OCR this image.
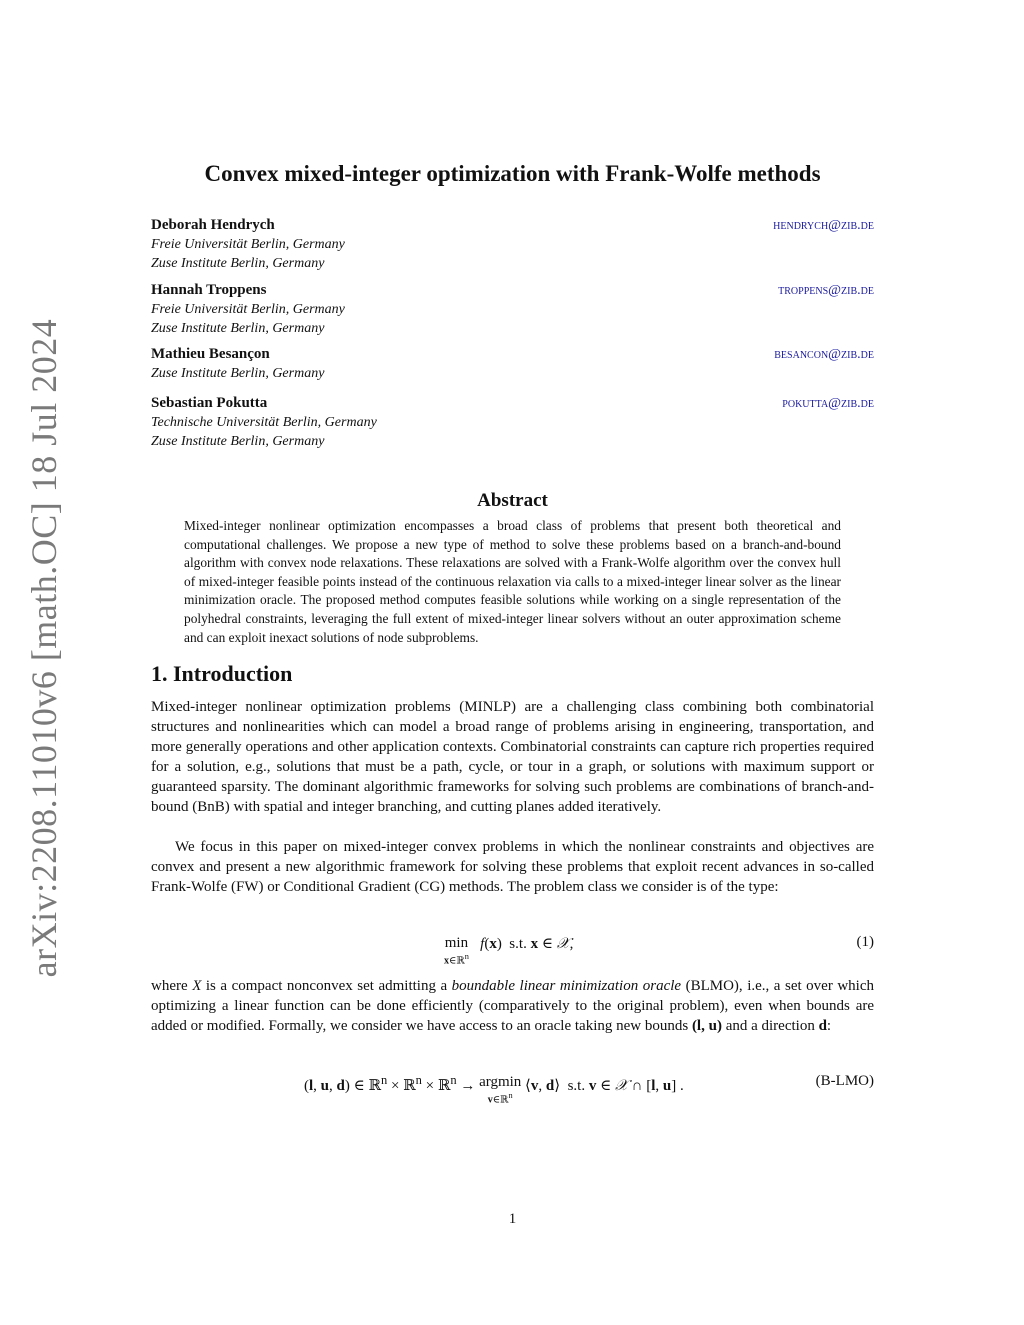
arXiv:2208.11010v6 [math.OC] 18 Jul 2024
Convex mixed-integer optimization with Frank-Wolfe methods
Deborah Hendrych	hendrych@zib.de
Freie Universität Berlin, Germany
Zuse Institute Berlin, Germany
Hannah Troppens	troppens@zib.de
Freie Universität Berlin, Germany
Zuse Institute Berlin, Germany
Mathieu Besançon	besancon@zib.de
Zuse Institute Berlin, Germany
Sebastian Pokutta	pokutta@zib.de
Technische Universität Berlin, Germany
Zuse Institute Berlin, Germany
Abstract

Mixed-integer nonlinear optimization encompasses a broad class of problems that present both theoretical and computational challenges. We propose a new type of method to solve these problems based on a branch-and-bound algorithm with convex node relaxations. These relaxations are solved with a Frank-Wolfe algorithm over the convex hull of mixed-integer feasible points instead of the continuous relaxation via calls to a mixed-integer linear solver as the linear minimization oracle. The proposed method computes feasible solutions while working on a single representation of the polyhedral constraints, leveraging the full extent of mixed-integer linear solvers without an outer approximation scheme and can exploit inexact solutions of node subproblems.

1. Introduction

Mixed-integer nonlinear optimization problems (MINLP) are a challenging class combining both combinatorial structures and nonlinearities which can model a broad range of problems arising in engineering, transportation, and more generally operations and other application contexts. Combinatorial constraints can capture rich properties required for a solution, e.g., solutions that must be a path, cycle, or tour in a graph, or solutions with maximum support or guaranteed sparsity. The dominant algorithmic frameworks for solving such problems are combinations of branch-and-bound (BnB) with spatial and integer branching, and cutting planes added iteratively.

We focus in this paper on mixed-integer convex problems in which the nonlinear constraints and objectives are convex and present a new algorithmic framework for solving these problems that exploit recent advances in so-called Frank-Wolfe (FW) or Conditional Gradient (CG) methods. The problem class we consider is of the type:

min
x∈ℝ$^n$
f(x)  s.t. x ∈ 𝒳,	(1)

where X is a compact nonconvex set admitting a boundable linear minimization oracle (BLMO), i.e., a set over which optimizing a linear function can be done efficiently (comparatively to the original problem), even when bounds are added or modified. Formally, we consider we have access to an oracle taking new bounds (l, u) and a direction d:

(l, u, d) ∈ ℝ$^n$ × ℝ$^n$ × ℝ$^n$ → argmin
v∈ℝ$^n$
⟨v, d⟩  s.t. v ∈ 𝒳 ∩ [l, u] .	(B-LMO)
1
